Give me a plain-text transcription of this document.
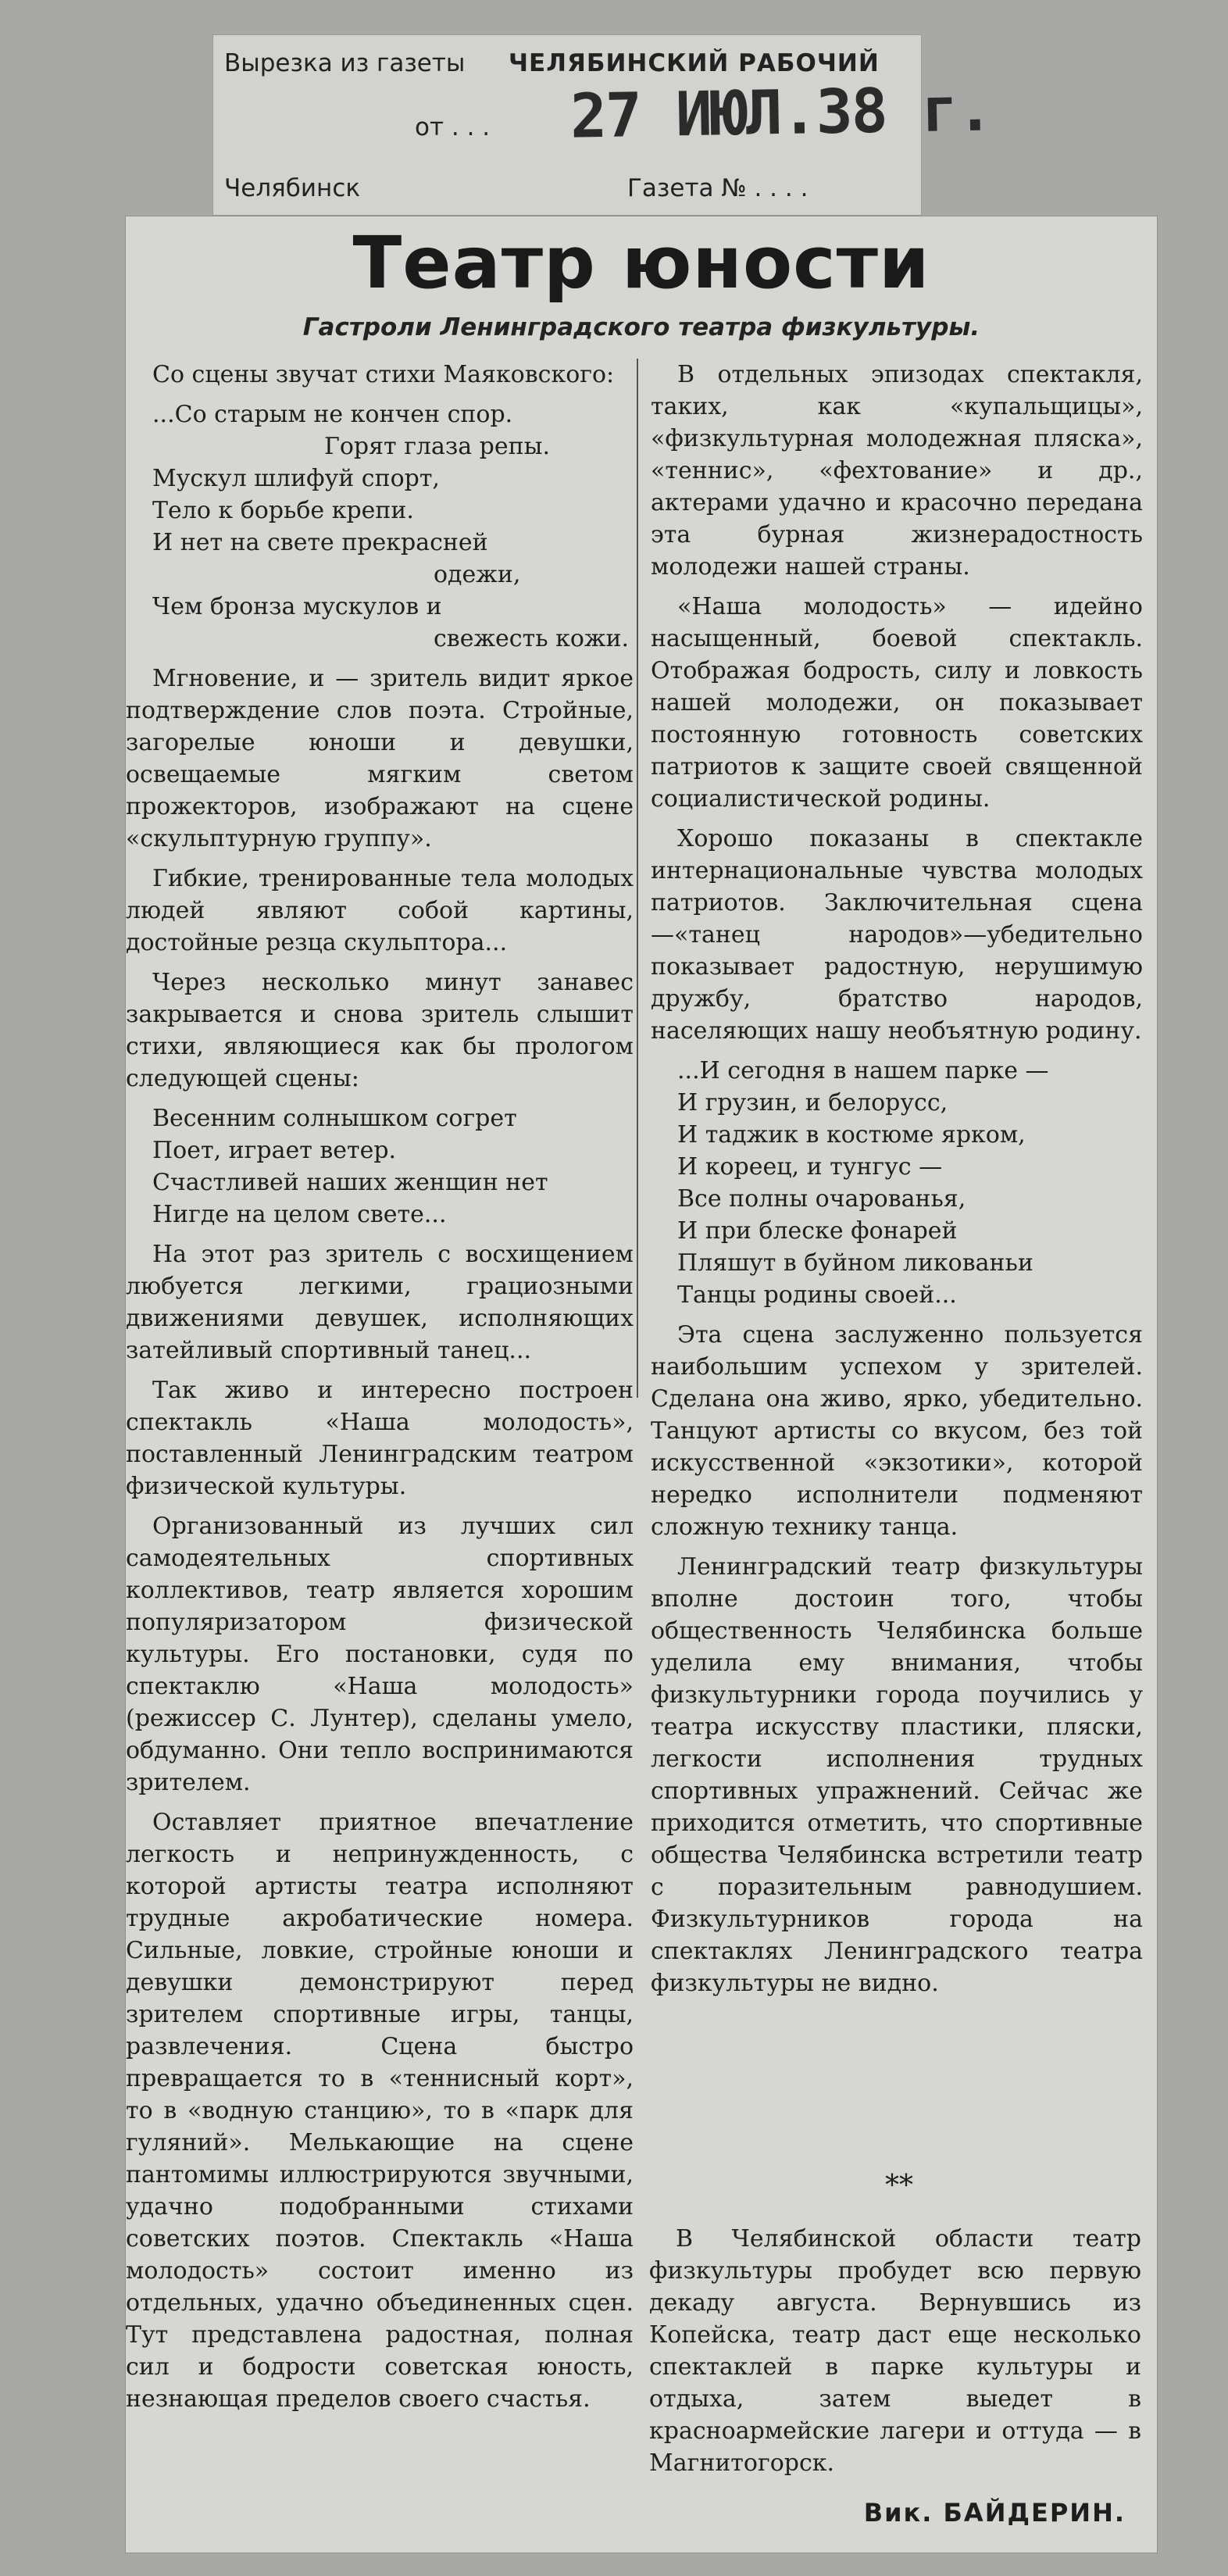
Вырезка из газеты ЧЕЛЯБИНСКИЙ РАБОЧИЙ
от . . .
Челябинск	Газета № . . . .
27 ИЮЛ.38 г.
Театр юности
Гастроли Ленинградского театра физкультуры.

Со сцены звучат стихи Маяковского:

...Со старым не кончен спор.
Горят глаза репы.
Мускул шлифуй спорт,
Тело к борьбе крепи.
И нет на свете прекрасней
одежи,
Чем бронза мускулов и
свежесть кожи.

Мгновение, и — зритель видит яркое подтверждение слов поэта. Стройные, загорелые юноши и девушки, освещаемые мягким светом прожекторов, изображают на сцене «скульптурную группу».

Гибкие, тренированные тела молодых людей являют собой картины, достойные резца скульптора...

Через несколько минут занавес закрывается и снова зритель слышит стихи, являющиеся как бы прологом следующей сцены:

Весенним солнышком согрет
Поет, играет ветер.
Счастливей наших женщин нет
Нигде на целом свете...

На этот раз зритель с восхищением любуется легкими, грациозными движениями девушек, исполняющих затейливый спортивный танец...

Так живо и интересно построен спектакль «Наша молодость», поставленный Ленинградским театром физической культуры.

Организованный из лучших сил самодеятельных спортивных коллективов, театр является хорошим популяризатором физической культуры. Его постановки, судя по спектаклю «Наша молодость» (режиссер С. Лунтер), сделаны умело, обдуманно. Они тепло воспринимаются зрителем.

Оставляет приятное впечатление легкость и непринужденность, с которой артисты театра исполняют трудные акробатические номера. Сильные, ловкие, стройные юноши и девушки демонстрируют перед зрителем спортивные игры, танцы, развлечения. Сцена быстро превращается то в «теннисный корт», то в «водную станцию», то в «парк для гуляний». Мелькающие на сцене пантомимы иллюстрируются звучными, удачно подобранными стихами советских поэтов. Спектакль «Наша молодость» состоит именно из отдельных, удачно объединенных сцен. Тут представлена радостная, полная сил и бодрости советская юность, незнающая пределов своего счастья.

В отдельных эпизодах спектакля, таких, как «купальщицы», «физкультурная молодежная пляска», «теннис», «фехтование» и др., актерами удачно и красочно передана эта бурная жизнерадостность молодежи нашей страны.

«Наша молодость» — идейно насыщенный, боевой спектакль. Отображая бодрость, силу и ловкость нашей молодежи, он показывает постоянную готовность советских патриотов к защите своей священной социалистической родины.

Хорошо показаны в спектакле интернациональные чувства молодых патриотов. Заключительная сцена—«танец народов»—убедительно показывает радостную, нерушимую дружбу, братство народов, населяющих нашу необъятную родину.

...И сегодня в нашем парке —
И грузин, и белорусс,
И таджик в костюме ярком,
И кореец, и тунгус —
Все полны очарованья,
И при блеске фонарей
Пляшут в буйном ликованьи
Танцы родины своей...

Эта сцена заслуженно пользуется наибольшим успехом у зрителей. Сделана она живо, ярко, убедительно. Танцуют артисты со вкусом, без той искусственной «экзотики», которой нередко исполнители подменяют сложную технику танца.

Ленинградский театр физкультуры вполне достоин того, чтобы общественность Челябинска больше уделила ему внимания, чтобы физкультурники города поучились у театра искусству пластики, пляски, легкости исполнения трудных спортивных упражнений. Сейчас же приходится отметить, что спортивные общества Челябинска встретили театр с поразительным равнодушием. Физкультурников города на спектаклях Ленинградского театра физкультуры не видно.

**

В Челябинской области театр физкультуры пробудет всю первую декаду августа. Вернувшись из Копейска, театр даст еще несколько спектаклей в парке культуры и отдыха, затем выедет в красноармейские лагери и оттуда — в Магнитогорск.

Вик. БАЙДЕРИН.
